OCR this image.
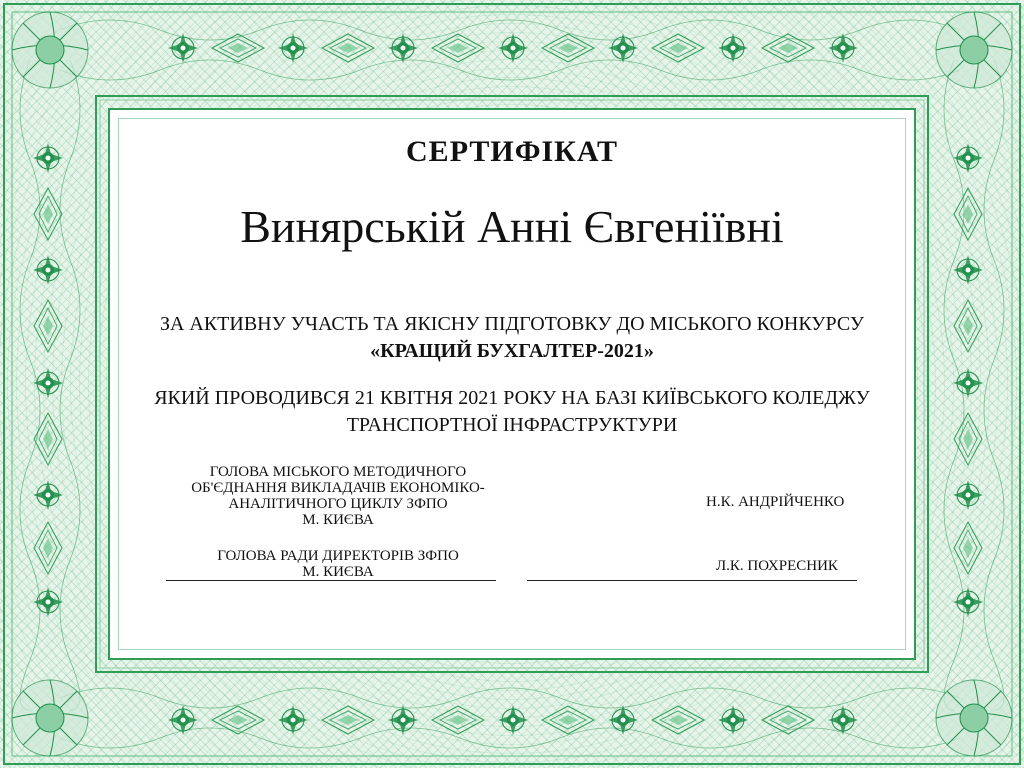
СЕРТИФІКАТ
Винярській Анні Євгеніївні
ЗА АКТИВНУ УЧАСТЬ ТА ЯКІСНУ ПІДГОТОВКУ ДО МІСЬКОГО КОНКУРСУ «КРАЩИЙ БУХГАЛТЕР-2021»
ЯКИЙ ПРОВОДИВСЯ 21 КВІТНЯ 2021 РОКУ НА БАЗІ КИЇВСЬКОГО КОЛЕДЖУ ТРАНСПОРТНОЇ ІНФРАСТРУКТУРИ
ГОЛОВА МІСЬКОГО МЕТОДИЧНОГО
ОБ'ЄДНАННЯ ВИКЛАДАЧІВ ЕКОНОМІКО-
АНАЛІТИЧНОГО ЦИКЛУ ЗФПО
М. КИЄВА
Н.К. АНДРІЙЧЕНКО
ГОЛОВА РАДИ ДИРЕКТОРІВ ЗФПО
М. КИЄВА	Л.К. ПОХРЕСНИК
